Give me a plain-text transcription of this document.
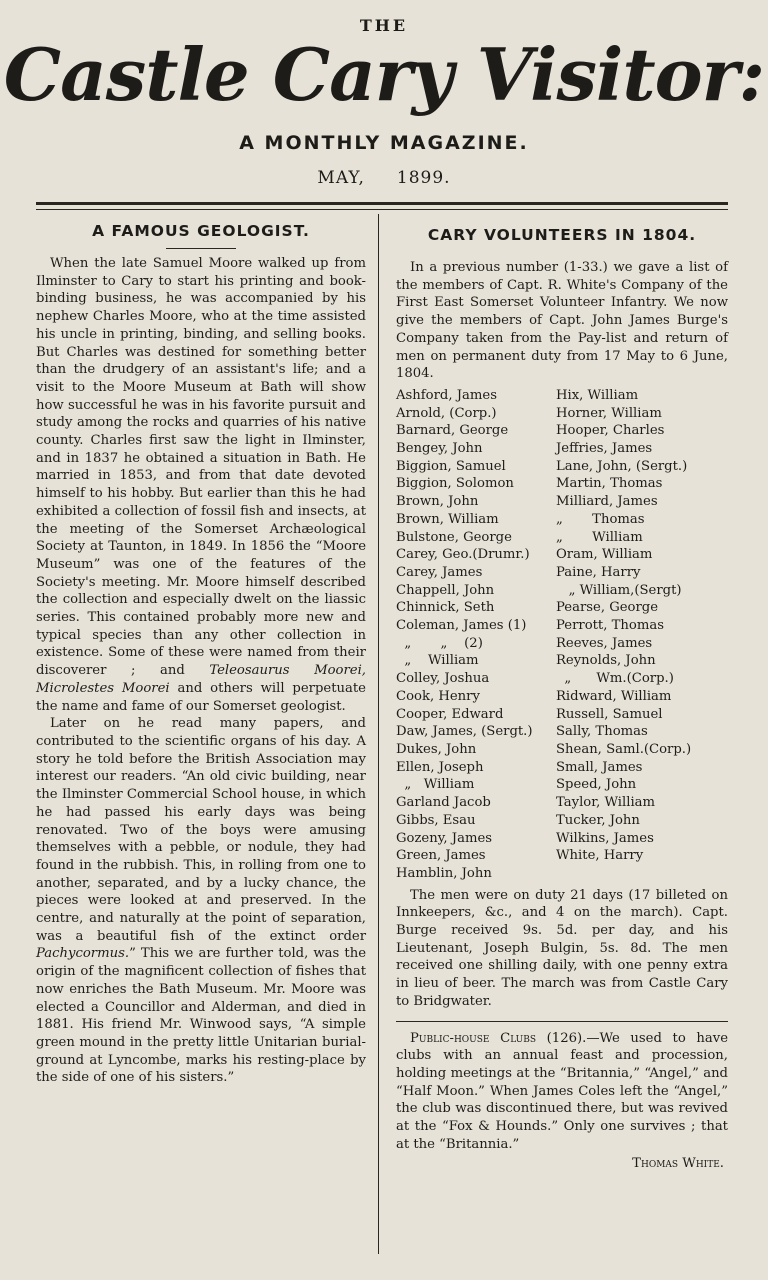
THE
Castle Cary Visitor:
A MONTHLY MAGAZINE.
MAY, 1899.
A FAMOUS GEOLOGIST.

When the late Samuel Moore walked up from Ilminster to Cary to start his printing and book-binding business, he was accompanied by his nephew Charles Moore, who at the time assisted his uncle in printing, binding, and selling books. But Charles was destined for something better than the drudgery of an assistant's life; and a visit to the Moore Museum at Bath will show how successful he was in his favorite pursuit and study among the rocks and quarries of his native county. Charles first saw the light in Ilminster, and in 1837 he obtained a situation in Bath. He married in 1853, and from that date devoted himself to his hobby. But earlier than this he had exhibited a collection of fossil fish and insects, at the meeting of the Somerset Archæological Society at Taunton, in 1849. In 1856 the “Moore Museum” was one of the features of the Society's meeting. Mr. Moore himself described the collection and especially dwelt on the liassic series. This contained probably more new and typical species than any other collection in existence. Some of these were named from their discoverer ; and Teleosaurus Moorei, Microlestes Moorei and others will perpetuate the name and fame of our Somerset geologist.

Later on he read many papers, and contributed to the scientific organs of his day. A story he told before the British Association may interest our readers. “An old civic building, near the Ilminster Commercial School house, in which he had passed his early days was being renovated. Two of the boys were amusing themselves with a pebble, or nodule, they had found in the rubbish. This, in rolling from one to another, separated, and by a lucky chance, the pieces were looked at and preserved. In the centre, and naturally at the point of separation, was a beautiful fish of the extinct order Pachycormus.” This we are further told, was the origin of the magnificent collection of fishes that now enriches the Bath Museum. Mr. Moore was elected a Councillor and Alderman, and died in 1881. His friend Mr. Winwood says, “A simple green mound in the pretty little Unitarian burial-ground at Lyncombe, marks his resting-place by the side of one of his sisters.”

CARY VOLUNTEERS IN 1804.

In a previous number (1-33.) we gave a list of the members of Capt. R. White's Company of the First East Somerset Volunteer Infantry. We now give the members of Capt. John James Burge's Company taken from the Pay-list and return of men on permanent duty from 17 May to 6 June, 1804.

Ashford, James	Hix, William
Arnold, (Corp.)	Horner, William
Barnard, George	Hooper, Charles
Bengey, John	Jeffries, James
Biggion, Samuel	Lane, John, (Sergt.)
Biggion, Solomon	Martin, Thomas
Brown, John	Milliard, James
Brown, William	„       Thomas
Bulstone, George	„       William
Carey, Geo.(Drumr.)	Oram, William
Carey, James	Paine, Harry
Chappell, John	„ William,(Sergt)
Chinnick, Seth	Pearse, George
Coleman, James (1)	Perrott, Thomas
„       „    (2)	Reeves, James
„    William	Reynolds, John
Colley, Joshua	„      Wm.(Corp.)
Cook, Henry	Ridward, William
Cooper, Edward	Russell, Samuel
Daw, James, (Sergt.)	Sally, Thomas
Dukes, John	Shean, Saml.(Corp.)
Ellen, Joseph	Small, James
„   William	Speed, John
Garland Jacob	Taylor, William
Gibbs, Esau	Tucker, John
Gozeny, James	Wilkins, James
Green, James	White, Harry
Hamblin, John	

The men were on duty 21 days (17 billeted on Innkeepers, &c., and 4 on the march). Capt. Burge received 9s. 5d. per day, and his Lieutenant, Joseph Bulgin, 5s. 8d. The men received one shilling daily, with one penny extra in lieu of beer. The march was from Castle Cary to Bridgwater.

Public-house Clubs (126).—We used to have clubs with an annual feast and procession, holding meetings at the “Britannia,” “Angel,” and “Half Moon.” When James Coles left the “Angel,” the club was discontinued there, but was revived at the “Fox & Hounds.” Only one survives ; that at the “Britannia.”

Thomas White.
